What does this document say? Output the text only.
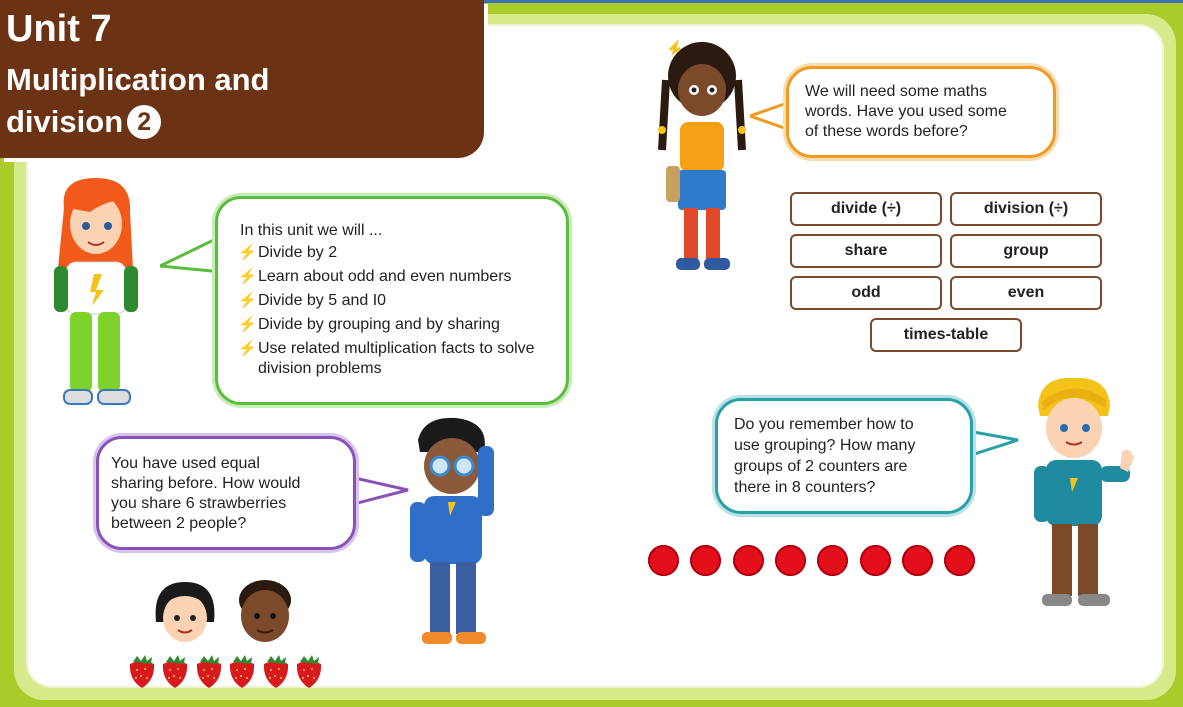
Unit 7
Multiplication and
division 2
In this unit we will ...
⚡ Divide by 2
⚡ Learn about odd and even numbers
⚡ Divide by 5 and I0
⚡ Divide by grouping and by sharing
⚡ Use related multiplication facts to solve division problems
We will need some maths
words. Have you used some
of these words before?
divide (÷)	division (÷)
share	group
odd	even
times-table
You have used equal
sharing before. How would
you share 6 strawberries
between 2 people?
Do you remember how to
use grouping? How many
groups of 2 counters are
there in 8 counters?
